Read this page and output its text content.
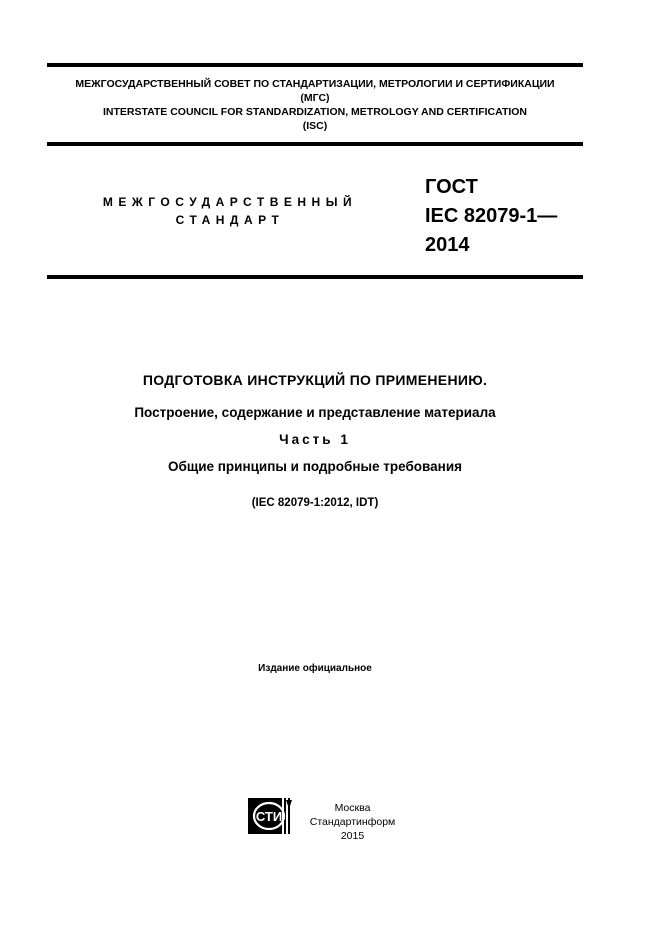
МЕЖГОСУДАРСТВЕННЫЙ СОВЕТ ПО СТАНДАРТИЗАЦИИ, МЕТРОЛОГИИ И СЕРТИФИКАЦИИ
(МГС)
INTERSTATE COUNCIL FOR STANDARDIZATION, METROLOGY AND CERTIFICATION
(ISC)
МЕЖГОСУДАРСТВЕННЫЙ
СТАНДАРТ
ГОСТ
IEC 82079-1—
2014
ПОДГОТОВКА ИНСТРУКЦИЙ ПО ПРИМЕНЕНИЮ.
Построение, содержание и представление материала
Часть 1
Общие принципы и подробные требования
(IEC 82079-1:2012, IDT)
Издание официальное
СТИ
Москва
Стандартинформ
2015
